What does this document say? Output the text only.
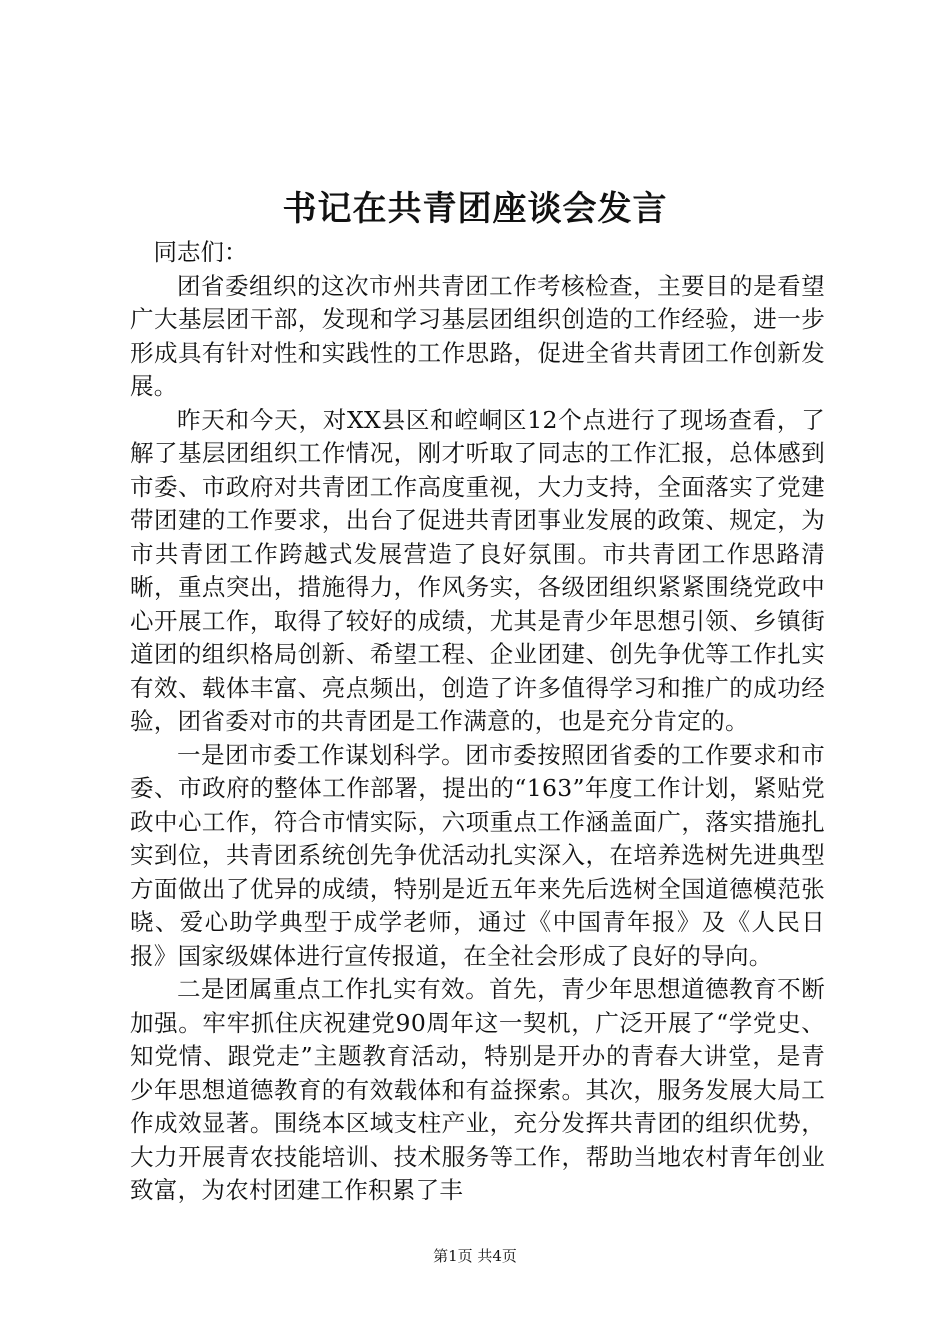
书记在共青团座谈会发言

同志们：

团省委组织的这次市州共青团工作考核检查，主要目的是看望广大基层团干部，发现和学习基层团组织创造的工作经验，进一步形成具有针对性和实践性的工作思路，促进全省共青团工作创新发展。

昨天和今天，对XX县区和崆峒区12个点进行了现场查看，了解了基层团组织工作情况，刚才听取了同志的工作汇报，总体感到市委、市政府对共青团工作高度重视，大力支持，全面落实了党建带团建的工作要求，出台了促进共青团事业发展的政策、规定，为市共青团工作跨越式发展营造了良好氛围。市共青团工作思路清晰，重点突出，措施得力，作风务实，各级团组织紧紧围绕党政中心开展工作，取得了较好的成绩，尤其是青少年思想引领、乡镇街道团的组织格局创新、希望工程、企业团建、创先争优等工作扎实有效、载体丰富、亮点频出，创造了许多值得学习和推广的成功经验，团省委对市的共青团是工作满意的，也是充分肯定的。

一是团市委工作谋划科学。团市委按照团省委的工作要求和市委、市政府的整体工作部署，提出的“163”年度工作计划，紧贴党政中心工作，符合市情实际，六项重点工作涵盖面广，落实措施扎实到位，共青团系统创先争优活动扎实深入，在培养选树先进典型方面做出了优异的成绩，特别是近五年来先后选树全国道德模范张晓、爱心助学典型于成学老师，通过《中国青年报》及《人民日报》国家级媒体进行宣传报道，在全社会形成了良好的导向。

二是团属重点工作扎实有效。首先，青少年思想道德教育不断加强。牢牢抓住庆祝建党90周年这一契机，广泛开展了“学党史、知党情、跟党走”主题教育活动，特别是开办的青春大讲堂，是青少年思想道德教育的有效载体和有益探索。其次，服务发展大局工作成效显著。围绕本区域支柱产业，充分发挥共青团的组织优势，大力开展青农技能培训、技术服务等工作，帮助当地农村青年创业致富，为农村团建工作积累了丰

第1页 共4页
